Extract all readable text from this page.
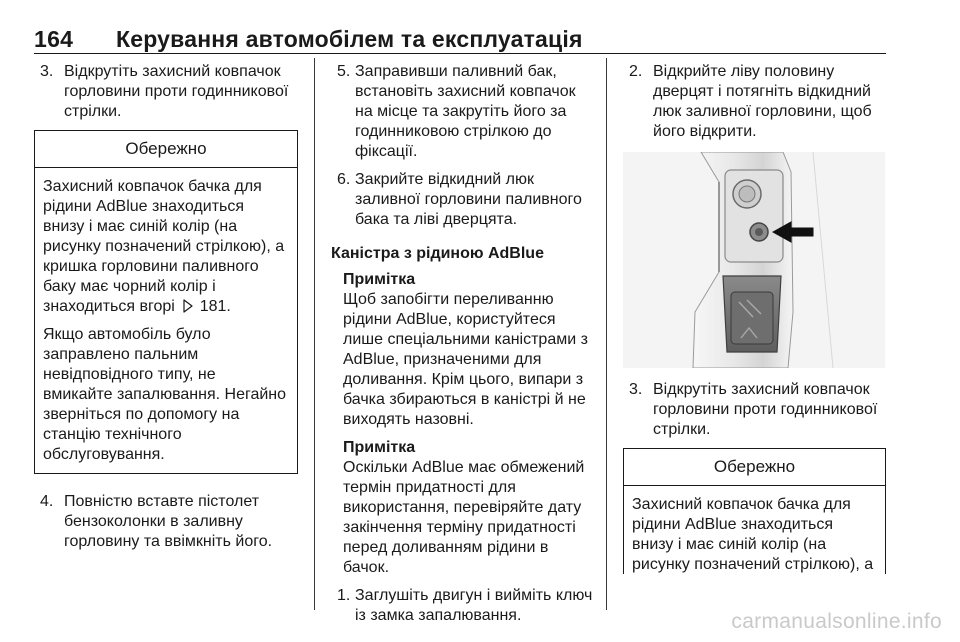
164 Керування автомобілем та експлуатація
3. Відкрутіть захисний ковпачок горловини проти годинникової стрілки.
Обережно

Захисний ковпачок бачка для рідини AdBlue знаходиться внизу і має синій колір (на рисунку позначений стрілкою), а кришка горловини паливного баку має чорний колір і знаходиться вгорі 181.

Якщо автомобіль було заправлено пальним невідповідного типу, не вмикайте запалювання. Негайно зверніться по допомогу на станцію технічного обслуговування.

4. Повністю вставте пістолет бензоколонки в заливну горловину та ввімкніть його.
5. Заправивши паливний бак, встановіть захисний ковпачок на місце та закрутіть його за годинниковою стрілкою до фіксації.
6. Закрийте відкидний люк заливної горловини паливного бака та ліві дверцята.
Каністра з рідиною AdBlue
Примітка
Щоб запобігти переливанню рідини AdBlue, користуйтеся лише спеціальними каністрами з AdBlue, призначеними для доливання. Крім цього, випари з бачка збираються в каністрі й не виходять назовні.
Примітка
Оскільки AdBlue має обмежений термін придатності для використання, перевіряйте дату закінчення терміну придатності перед доливанням рідини в бачок.
1. Заглушіть двигун і вийміть ключ із замка запалювання.
2. Відкрийте ліву половину дверцят і потягніть відкидний люк заливної горловини, щоб його відкрити.
3. Відкрутіть захисний ковпачок горловини проти годинникової стрілки.
Обережно
Захисний ковпачок бачка для рідини AdBlue знаходиться внизу і має синій колір (на рисунку позначений стрілкою), а
carmanualsonline.info
